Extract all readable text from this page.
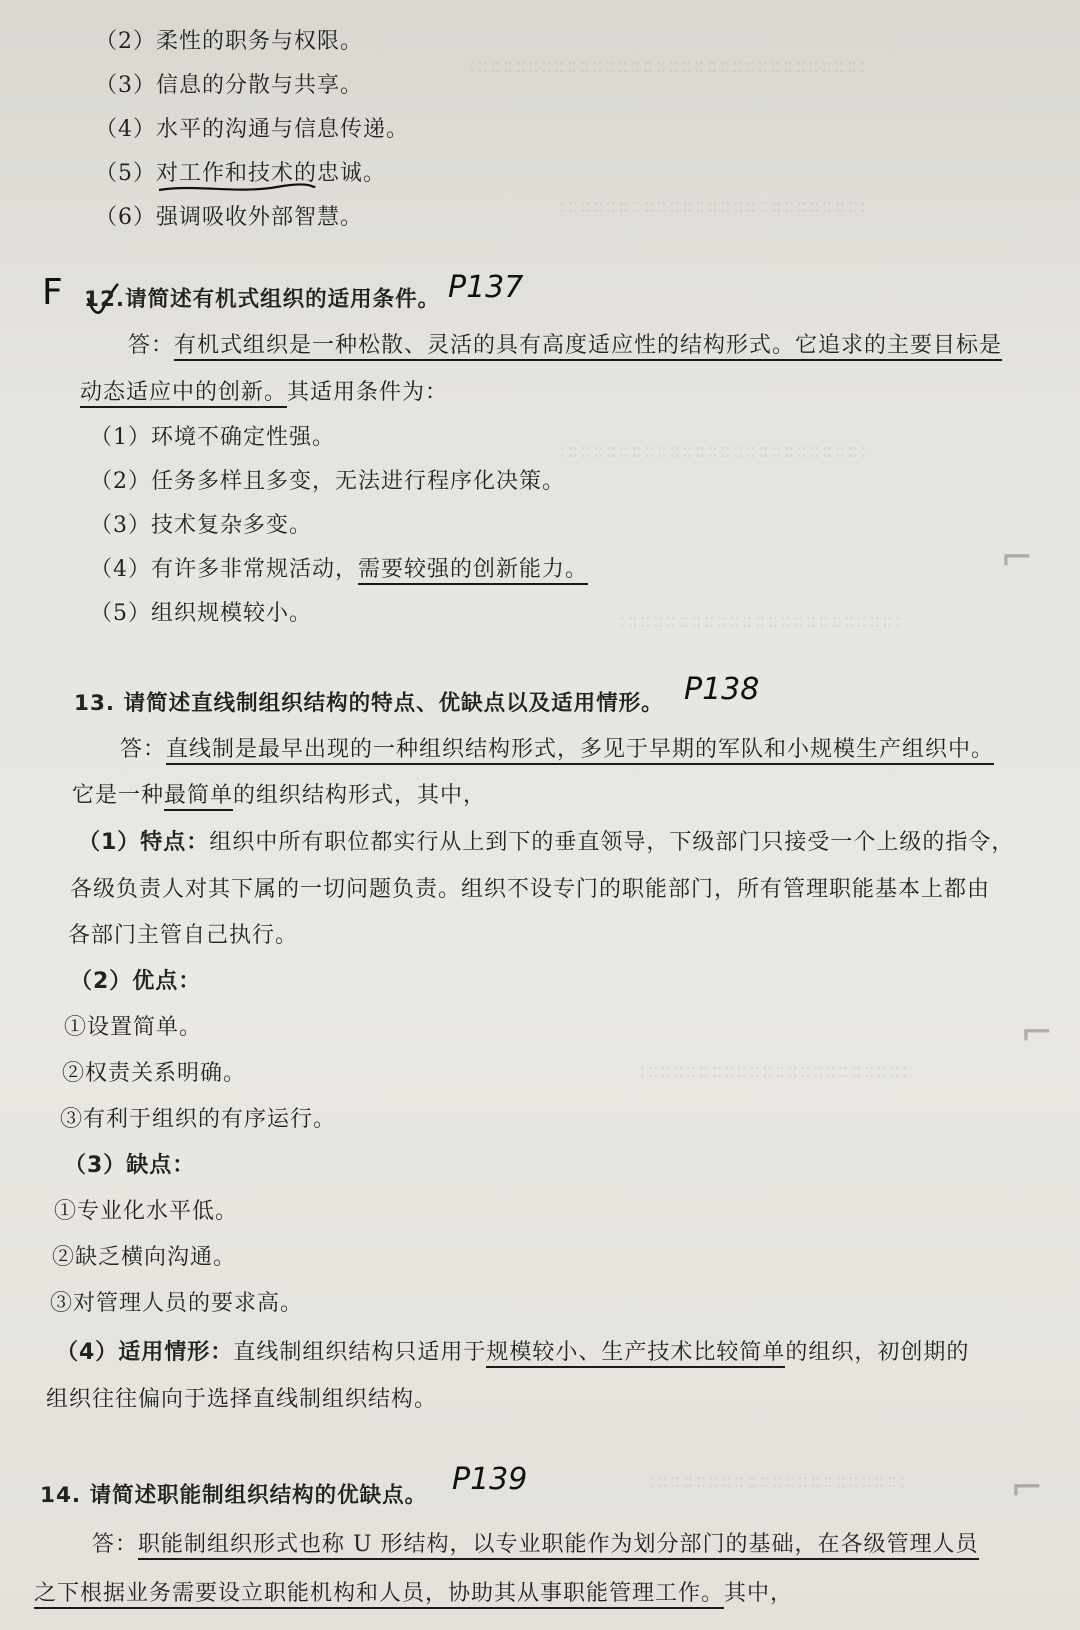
∷∷∷∷∷∷∷∷∷∷∷∷∷∷∷∷∷∷∷∷∷∷∷∷∷∷∷∷∷∷∷
∷∷∷∷∷∷∷∷∷∷∷∷∷∷∷∷∷∷∷∷∷∷∷∷
∷∷∷∷∷∷∷∷∷∷∷∷∷∷∷∷∷∷∷∷∷∷∷∷
∷∷∷∷∷∷∷∷∷∷∷∷∷∷∷∷∷∷∷∷∷∷
∷∷∷∷∷∷∷∷∷∷∷∷∷∷∷∷∷∷∷∷∷
∷∷∷∷∷∷∷∷∷∷∷∷∷∷∷∷∷∷∷∷
⌐
⌐
⌐
（2）柔性的职务与权限。
（3）信息的分散与共享。
（4）水平的沟通与信息传递。
（5）对工作和技术的忠诚。
（6）强调吸收外部智慧。
F 12.请简述有机式组织的适用条件。 P137
答：有机式组织是一种松散、灵活的具有高度适应性的结构形式。它追求的主要目标是
动态适应中的创新。其适用条件为：
（1）环境不确定性强。
（2）任务多样且多变，无法进行程序化决策。
（3）技术复杂多变。
（4）有许多非常规活动，需要较强的创新能力。
（5）组织规模较小。
13. 请简述直线制组织结构的特点、优缺点以及适用情形。 P138
答：直线制是最早出现的一种组织结构形式，多见于早期的军队和小规模生产组织中。
它是一种最简单的组织结构形式，其中，
（1）特点：组织中所有职位都实行从上到下的垂直领导，下级部门只接受一个上级的指令，
各级负责人对其下属的一切问题负责。组织不设专门的职能部门，所有管理职能基本上都由
各部门主管自己执行。
（2）优点：
①设置简单。
②权责关系明确。
③有利于组织的有序运行。
（3）缺点：
①专业化水平低。
②缺乏横向沟通。
③对管理人员的要求高。
（4）适用情形：直线制组织结构只适用于规模较小、生产技术比较简单的组织，初创期的
组织往往偏向于选择直线制组织结构。
14. 请简述职能制组织结构的优缺点。 P139
答：职能制组织形式也称 U 形结构，以专业职能作为划分部门的基础，在各级管理人员
之下根据业务需要设立职能机构和人员，协助其从事职能管理工作。其中，
